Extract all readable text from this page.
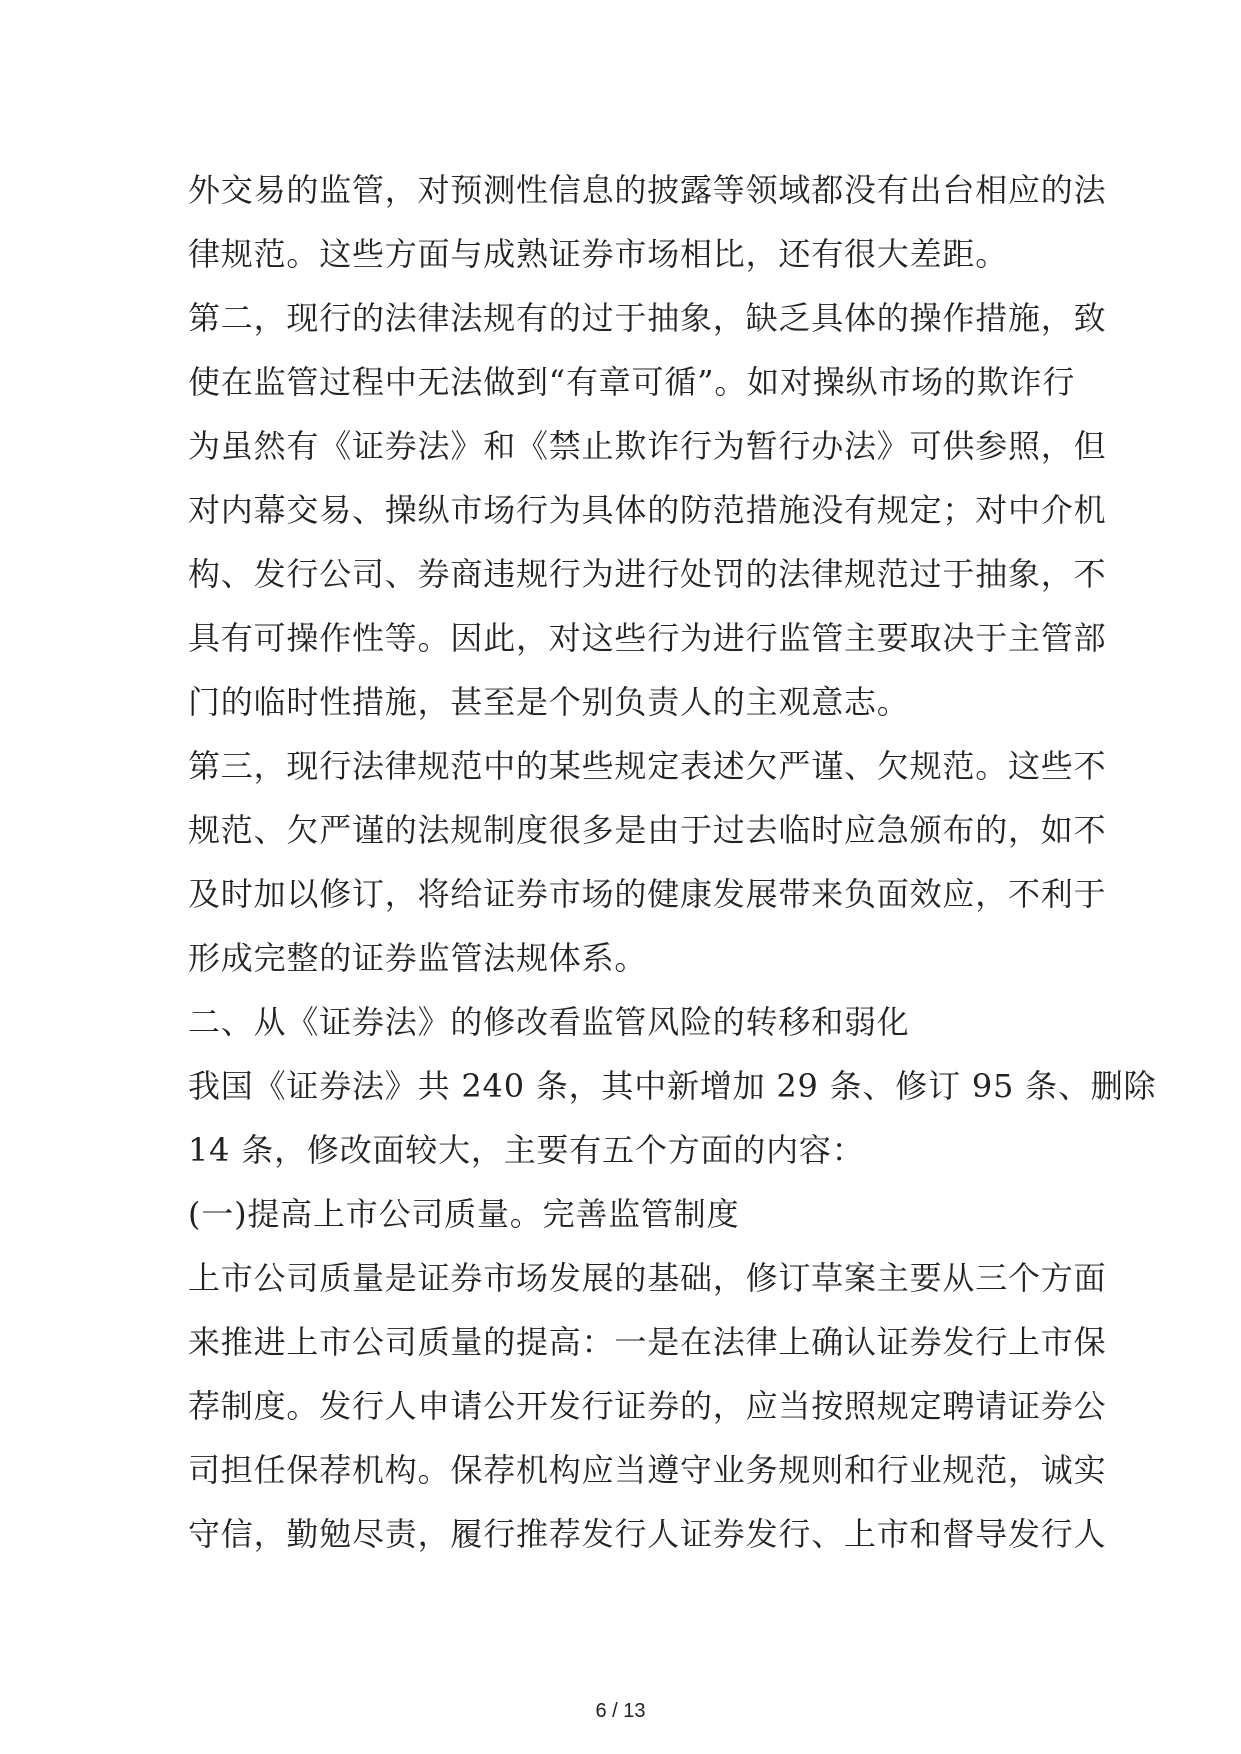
外交易的监管，对预测性信息的披露等领域都没有出台相应的法
律规范。这些方面与成熟证券市场相比，还有很大差距。
第二，现行的法律法规有的过于抽象，缺乏具体的操作措施，致
使在监管过程中无法做到“有章可循”。如对操纵市场的欺诈行
为虽然有《证券法》和《禁止欺诈行为暂行办法》可供参照，但
对内幕交易、操纵市场行为具体的防范措施没有规定；对中介机
构、发行公司、券商违规行为进行处罚的法律规范过于抽象，不
具有可操作性等。因此，对这些行为进行监管主要取决于主管部
门的临时性措施，甚至是个别负责人的主观意志。
第三，现行法律规范中的某些规定表述欠严谨、欠规范。这些不
规范、欠严谨的法规制度很多是由于过去临时应急颁布的，如不
及时加以修订，将给证券市场的健康发展带来负面效应，不利于
形成完整的证券监管法规体系。
二、从《证券法》的修改看监管风险的转移和弱化
我国《证券法》共 240 条，其中新增加 29 条、修订 95 条、删除
14 条，修改面较大，主要有五个方面的内容：
(一)提高上市公司质量。完善监管制度
上市公司质量是证券市场发展的基础，修订草案主要从三个方面
来推进上市公司质量的提高：一是在法律上确认证券发行上市保
荐制度。发行人申请公开发行证券的，应当按照规定聘请证券公
司担任保荐机构。保荐机构应当遵守业务规则和行业规范，诚实
守信，勤勉尽责，履行推荐发行人证券发行、上市和督导发行人
6 / 13
